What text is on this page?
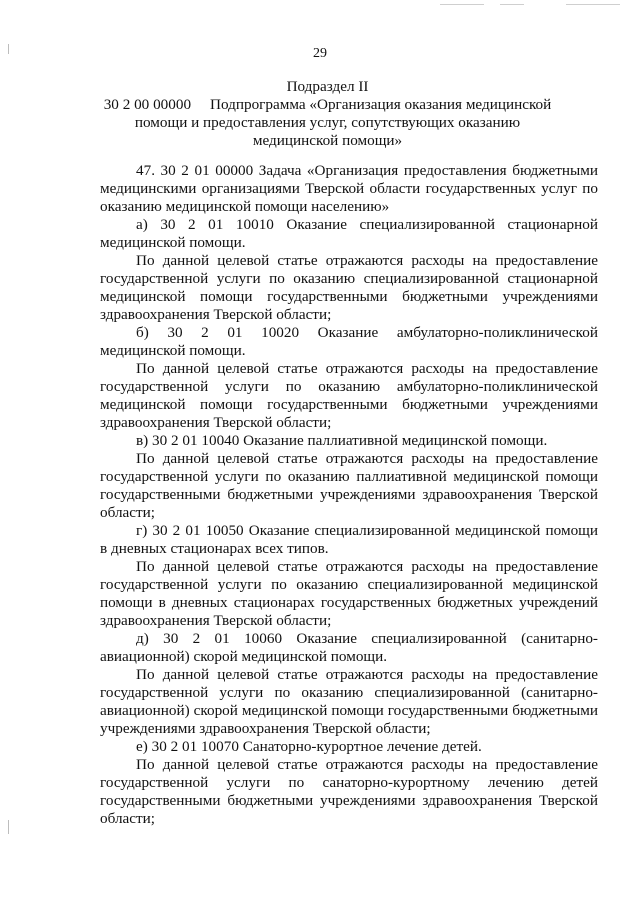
29
Подраздел II
30 2 00 00000  Подпрограмма «Организация оказания медицинской помощи и предоставления услуг, сопутствующих оказанию медицинской помощи»

47. 30 2 01 00000 Задача «Организация предоставления бюджетными медицинскими организациями Тверской области государственных услуг по оказанию медицинской помощи населению»

а) 30 2 01 10010 Оказание специализированной стационарной медицинской помощи.

По данной целевой статье отражаются расходы на предоставление государственной услуги по оказанию специализированной стационарной медицинской помощи государственными бюджетными учреждениями здравоохранения Тверской области;

б) 30 2 01 10020 Оказание амбулаторно-поликлинической медицинской помощи.

По данной целевой статье отражаются расходы на предоставление государственной услуги по оказанию амбулаторно-поликлинической медицинской помощи государственными бюджетными учреждениями здравоохранения Тверской области;

в) 30 2 01 10040 Оказание паллиативной медицинской помощи.

По данной целевой статье отражаются расходы на предоставление государственной услуги по оказанию паллиативной медицинской помощи государственными бюджетными учреждениями здравоохранения Тверской области;

г) 30 2 01 10050 Оказание специализированной медицинской помощи в дневных стационарах всех типов.

По данной целевой статье отражаются расходы на предоставление государственной услуги по оказанию специализированной медицинской помощи в дневных стационарах государственных бюджетных учреждений здравоохранения Тверской области;

д) 30 2 01 10060 Оказание специализированной (санитарно-авиационной) скорой медицинской помощи.

По данной целевой статье отражаются расходы на предоставление государственной услуги по оказанию специализированной (санитарно-авиационной) скорой медицинской помощи государственными бюджетными учреждениями здравоохранения Тверской области;

е) 30 2 01 10070 Санаторно-курортное лечение детей.

По данной целевой статье отражаются расходы на предоставление государственной услуги по санаторно-курортному лечению детей государственными бюджетными учреждениями здравоохранения Тверской области;
